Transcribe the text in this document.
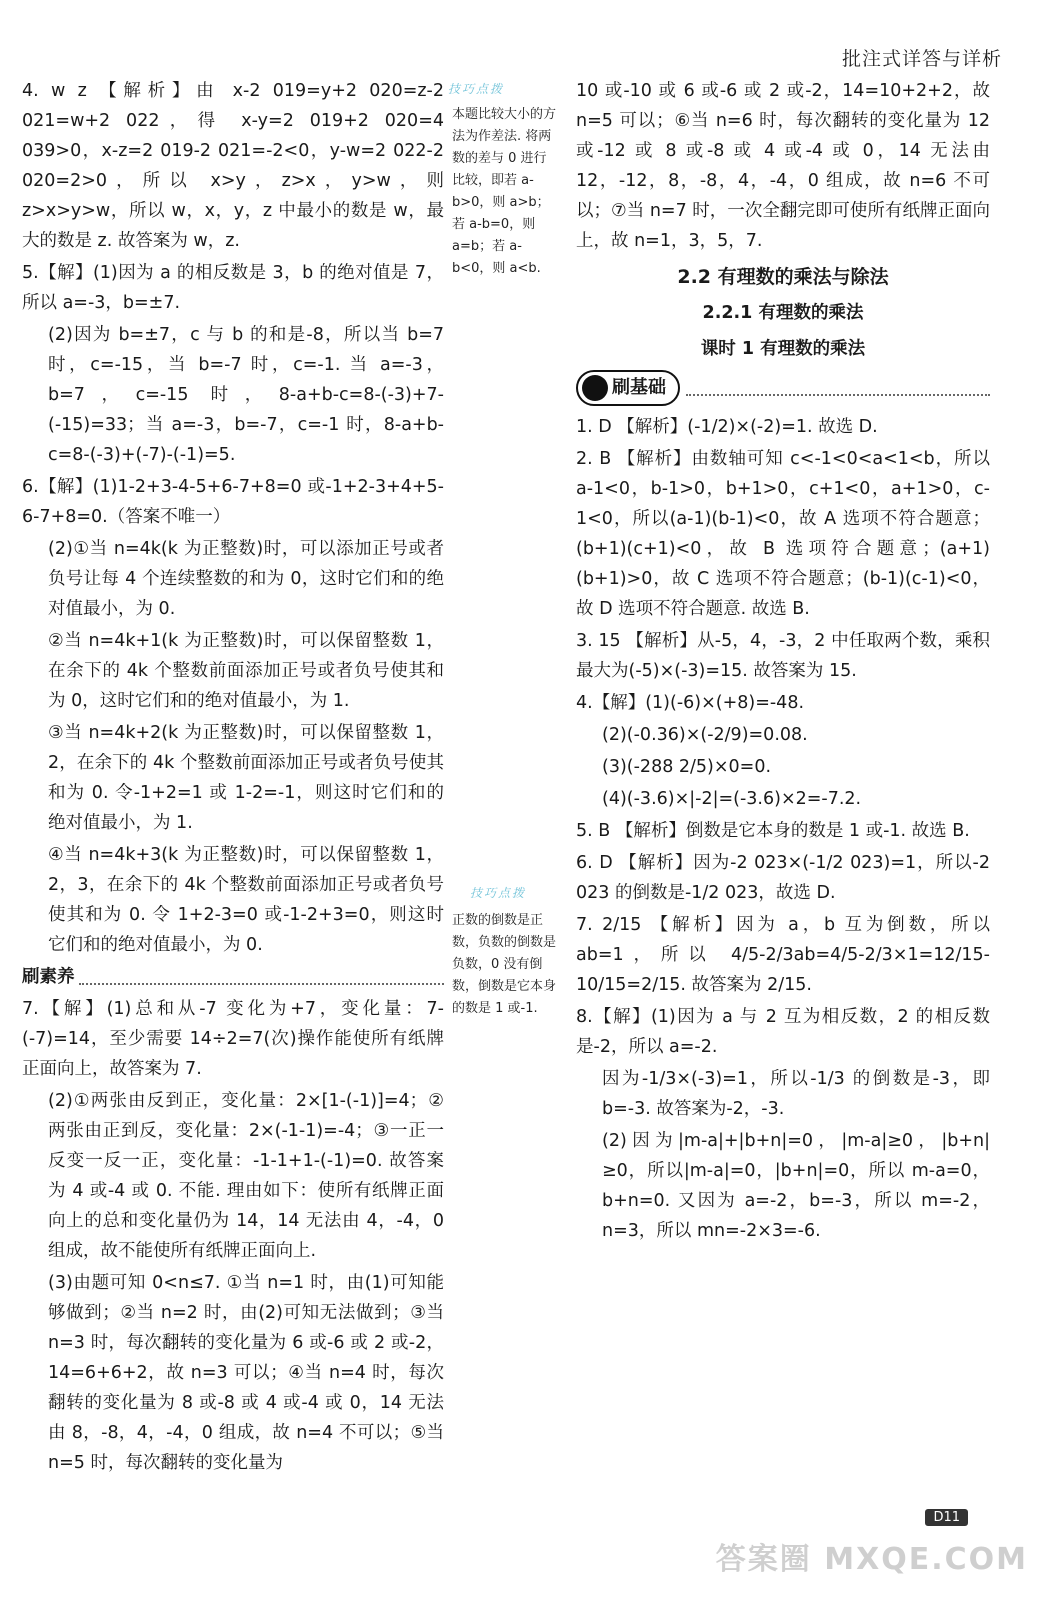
批注式详答与详析

4. w z 【解析】由 x-2 019=y+2 020=z-2 021=w+2 022，得 x-y=2 019+2 020=4 039>0，x-z=2 019-2 021=-2<0，y-w=2 022-2 020=2>0，所以 x>y，z>x，y>w，则 z>x>y>w，所以 w，x，y，z 中最小的数是 w，最大的数是 z. 故答案为 w，z.

5.【解】(1)因为 a 的相反数是 3，b 的绝对值是 7，所以 a=-3，b=±7.

(2)因为 b=±7，c 与 b 的和是-8，所以当 b=7 时，c=-15，当 b=-7 时，c=-1. 当 a=-3，b=7，c=-15 时，8-a+b-c=8-(-3)+7-(-15)=33；当 a=-3，b=-7，c=-1 时，8-a+b-c=8-(-3)+(-7)-(-1)=5.

6.【解】(1)1-2+3-4-5+6-7+8=0 或-1+2-3+4+5-6-7+8=0.（答案不唯一）

(2)①当 n=4k(k 为正整数)时，可以添加正号或者负号让每 4 个连续整数的和为 0，这时它们和的绝对值最小，为 0.

②当 n=4k+1(k 为正整数)时，可以保留整数 1，在余下的 4k 个整数前面添加正号或者负号使其和为 0，这时它们和的绝对值最小，为 1.

③当 n=4k+2(k 为正整数)时，可以保留整数 1，2，在余下的 4k 个整数前面添加正号或者负号使其和为 0. 令-1+2=1 或 1-2=-1，则这时它们和的绝对值最小，为 1.

④当 n=4k+3(k 为正整数)时，可以保留整数 1，2，3，在余下的 4k 个整数前面添加正号或者负号使其和为 0. 令 1+2-3=0 或-1-2+3=0，则这时它们和的绝对值最小，为 0.

刷素养

7.【解】(1)总和从-7 变化为+7，变化量：7-(-7)=14，至少需要 14÷2=7(次)操作能使所有纸牌正面向上，故答案为 7.

(2)①两张由反到正，变化量：2×[1-(-1)]=4；②两张由正到反，变化量：2×(-1-1)=-4；③一正一反变一反一正，变化量：-1-1+1-(-1)=0. 故答案为 4 或-4 或 0. 不能. 理由如下：使所有纸牌正面向上的总和变化量仍为 14，14 无法由 4，-4，0 组成，故不能使所有纸牌正面向上.

(3)由题可知 0<n≤7. ①当 n=1 时，由(1)可知能够做到；②当 n=2 时，由(2)可知无法做到；③当 n=3 时，每次翻转的变化量为 6 或-6 或 2 或-2，14=6+6+2，故 n=3 可以；④当 n=4 时，每次翻转的变化量为 8 或-8 或 4 或-4 或 0，14 无法由 8，-8，4，-4，0 组成，故 n=4 不可以；⑤当 n=5 时，每次翻转的变化量为

技巧点拨
本题比较大小的方法为作差法. 将两数的差与 0 进行比较，即若 a-b>0，则 a>b；若 a-b=0，则 a=b；若 a-b<0，则 a<b.
技巧点拨
正数的倒数是正数，负数的倒数是负数，0 没有倒数，倒数是它本身的数是 1 或-1.

10 或-10 或 6 或-6 或 2 或-2，14=10+2+2，故 n=5 可以；⑥当 n=6 时，每次翻转的变化量为 12 或-12 或 8 或-8 或 4 或-4 或 0，14 无法由 12，-12，8，-8，4，-4，0 组成，故 n=6 不可以；⑦当 n=7 时，一次全翻完即可使所有纸牌正面向上，故 n=1，3，5，7.

2.2 有理数的乘法与除法
2.2.1 有理数的乘法
课时 1 有理数的乘法
刷基础

1. D 【解析】(-1/2)×(-2)=1. 故选 D.

2. B 【解析】由数轴可知 c<-1<0<a<1<b，所以 a-1<0，b-1>0，b+1>0，c+1<0，a+1>0，c-1<0，所以(a-1)(b-1)<0，故 A 选项不符合题意；(b+1)(c+1)<0，故 B 选项符合题意；(a+1)(b+1)>0，故 C 选项不符合题意；(b-1)(c-1)<0，故 D 选项不符合题意. 故选 B.

3. 15 【解析】从-5，4，-3，2 中任取两个数，乘积最大为(-5)×(-3)=15. 故答案为 15.

4.【解】(1)(-6)×(+8)=-48.

(2)(-0.36)×(-2/9)=0.08.

(3)(-288 2/5)×0=0.

(4)(-3.6)×|-2|=(-3.6)×2=-7.2.

5. B 【解析】倒数是它本身的数是 1 或-1. 故选 B.

6. D 【解析】因为-2 023×(-1/2 023)=1，所以-2 023 的倒数是-1/2 023，故选 D.

7. 2/15 【解析】因为 a，b 互为倒数，所以 ab=1，所以 4/5-2/3ab=4/5-2/3×1=12/15-10/15=2/15. 故答案为 2/15.

8.【解】(1)因为 a 与 2 互为相反数，2 的相反数是-2，所以 a=-2.

因为-1/3×(-3)=1，所以-1/3 的倒数是-3，即 b=-3. 故答案为-2，-3.

(2)因为|m-a|+|b+n|=0，|m-a|≥0，|b+n|≥0，所以|m-a|=0，|b+n|=0，所以 m-a=0，b+n=0. 又因为 a=-2，b=-3，所以 m=-2，n=3，所以 mn=-2×3=-6.

D11
答案圈 MXQE.COM
